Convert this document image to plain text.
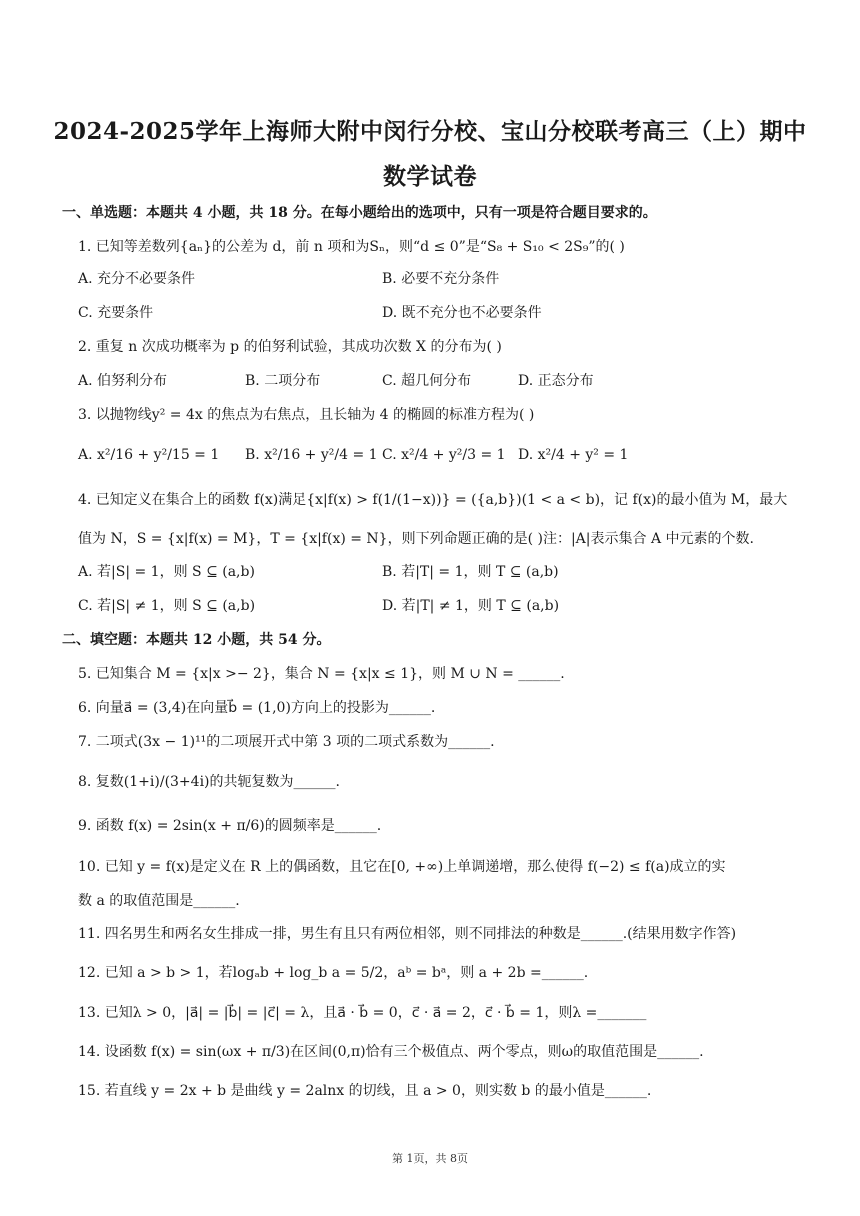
2024-2025学年上海师大附中闵行分校、宝山分校联考高三（上）期中
数学试卷
一、单选题：本题共 4 小题，共 18 分。在每小题给出的选项中，只有一项是符合题目要求的。
1. 已知等差数列{aₙ}的公差为 d，前 n 项和为Sₙ，则“d ≤ 0”是“S₈ + S₁₀ < 2S₉”的( )
A. 充分不必要条件	B. 必要不充分条件
C. 充要条件	D. 既不充分也不必要条件
2. 重复 n 次成功概率为 p 的伯努利试验，其成功次数 X 的分布为( )
A. 伯努利分布	B. 二项分布	C. 超几何分布	D. 正态分布
3. 以抛物线y² = 4x 的焦点为右焦点，且长轴为 4 的椭圆的标准方程为( )
A. x²/16 + y²/15 = 1 B. x²/16 + y²/4 = 1 C. x²/4 + y²/3 = 1 D. x²/4 + y² = 1
4. 已知定义在集合上的函数 f(x)满足{x|f(x) > f(1/(1−x))} = ({a,b})(1 < a < b)，记 f(x)的最小值为 M，最大
值为 N，S = {x|f(x) = M}，T = {x|f(x) = N}，则下列命题正确的是( )注：|A|表示集合 A 中元素的个数.
A. 若|S| = 1，则 S ⊆ (a,b)	B. 若|T| = 1，则 T ⊆ (a,b)
C. 若|S| ≠ 1，则 S ⊆ (a,b)	D. 若|T| ≠ 1，则 T ⊆ (a,b)
二、填空题：本题共 12 小题，共 54 分。
5. 已知集合 M = {x|x >− 2}，集合 N = {x|x ≤ 1}，则 M ∪ N = ______.
6. 向量a⃗ = (3,4)在向量b⃗ = (1,0)方向上的投影为______.
7. 二项式(3x − 1)¹¹的二项展开式中第 3 项的二项式系数为______.
8. 复数(1+i)/(3+4i)的共轭复数为______.
9. 函数 f(x) = 2sin(x + π/6)的圆频率是______.
10. 已知 y = f(x)是定义在 R 上的偶函数，且它在[0, +∞)上单调递增，那么使得 f(−2) ≤ f(a)成立的实
数 a 的取值范围是______.
11. 四名男生和两名女生排成一排，男生有且只有两位相邻，则不同排法的种数是______.(结果用数字作答)
12. 已知 a > b > 1，若logₐb + log_b a = 5/2，aᵇ = bᵃ，则 a + 2b =______.
13. 已知λ > 0，|a⃗| = |b⃗| = |c⃗| = λ，且a⃗ · b⃗ = 0，c⃗ · a⃗ = 2，c⃗ · b⃗ = 1，则λ =_______
14. 设函数 f(x) = sin(ωx + π/3)在区间(0,π)恰有三个极值点、两个零点，则ω的取值范围是______.
15. 若直线 y = 2x + b 是曲线 y = 2alnx 的切线，且 a > 0，则实数 b 的最小值是______.
第 1页，共 8页
